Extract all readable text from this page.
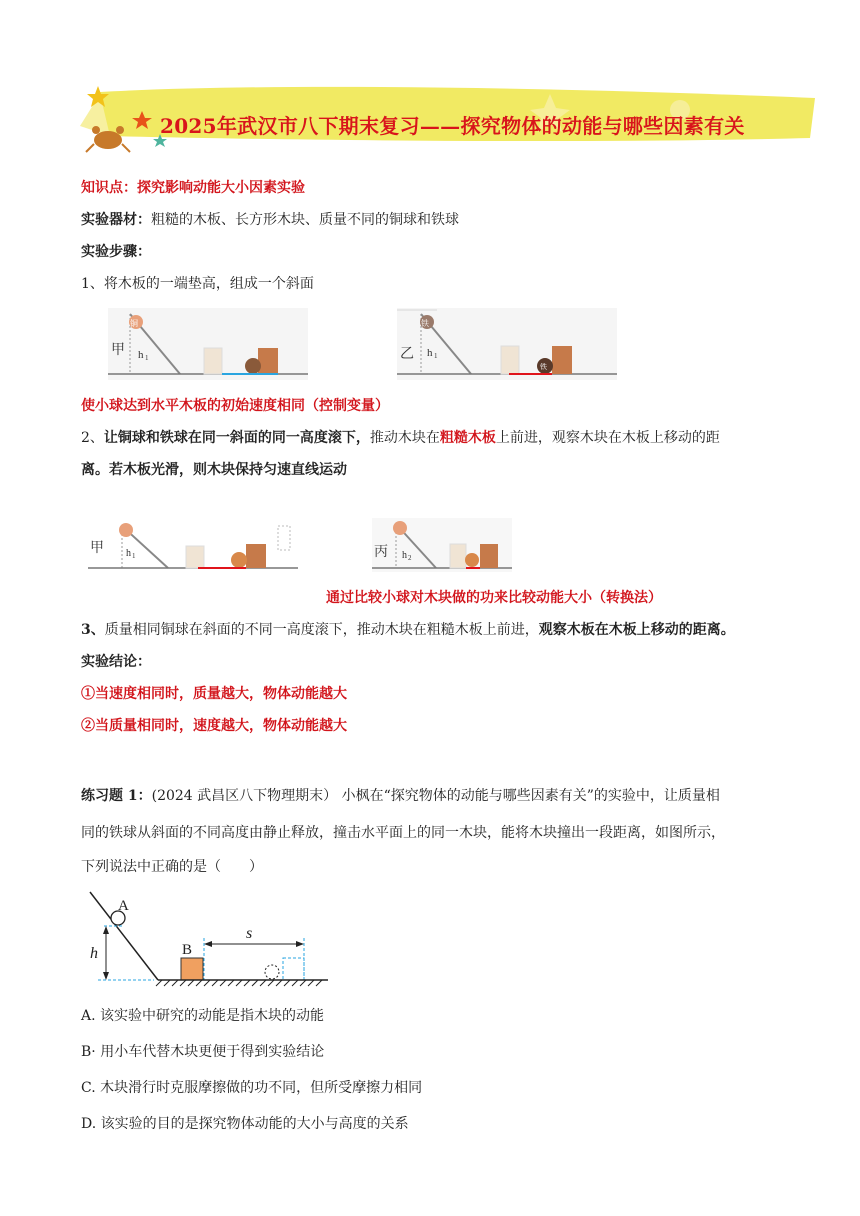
2025年武汉市八下期末复习——探究物体的动能与哪些因素有关
知识点：探究影响动能大小因素实验
实验器材：粗糙的木板、长方形木块、质量不同的铜球和铁球
实验步骤：
1、将木板的一端垫高，组成一个斜面
铜
甲 h 1
铁
乙 h 1
铁
使小球达到水平木板的初始速度相同（控制变量）
2、让铜球和铁球在同一斜面的同一高度滚下，推动木块在粗糙木板上前进，观察木块在木板上移动的距
离。若木板光滑，则木块保持匀速直线运动
甲 h 1	丙 h 2
通过比较小球对木块做的功来比较动能大小（转换法）
3、质量相同铜球在斜面的不同一高度滚下，推动木块在粗糙木板上前进，观察木板在木板上移动的距离。
实验结论：
①当速度相同时，质量越大，物体动能越大
②当质量相同时，速度越大，物体动能越大
练习题 1：(2024 武昌区八下物理期末） 小枫在“探究物体的动能与哪些因素有关”的实验中，让质量相
同的铁球从斜面的不同高度由静止释放，撞击水平面上的同一木块，能将木块撞出一段距离，如图所示，
下列说法中正确的是（　　）
A
h	B
s
A. 该实验中研究的动能是指木块的动能
B· 用小车代替木块更便于得到实验结论
C. 木块滑行时克服摩擦做的功不同，但所受摩擦力相同
D. 该实验的目的是探究物体动能的大小与高度的关系
